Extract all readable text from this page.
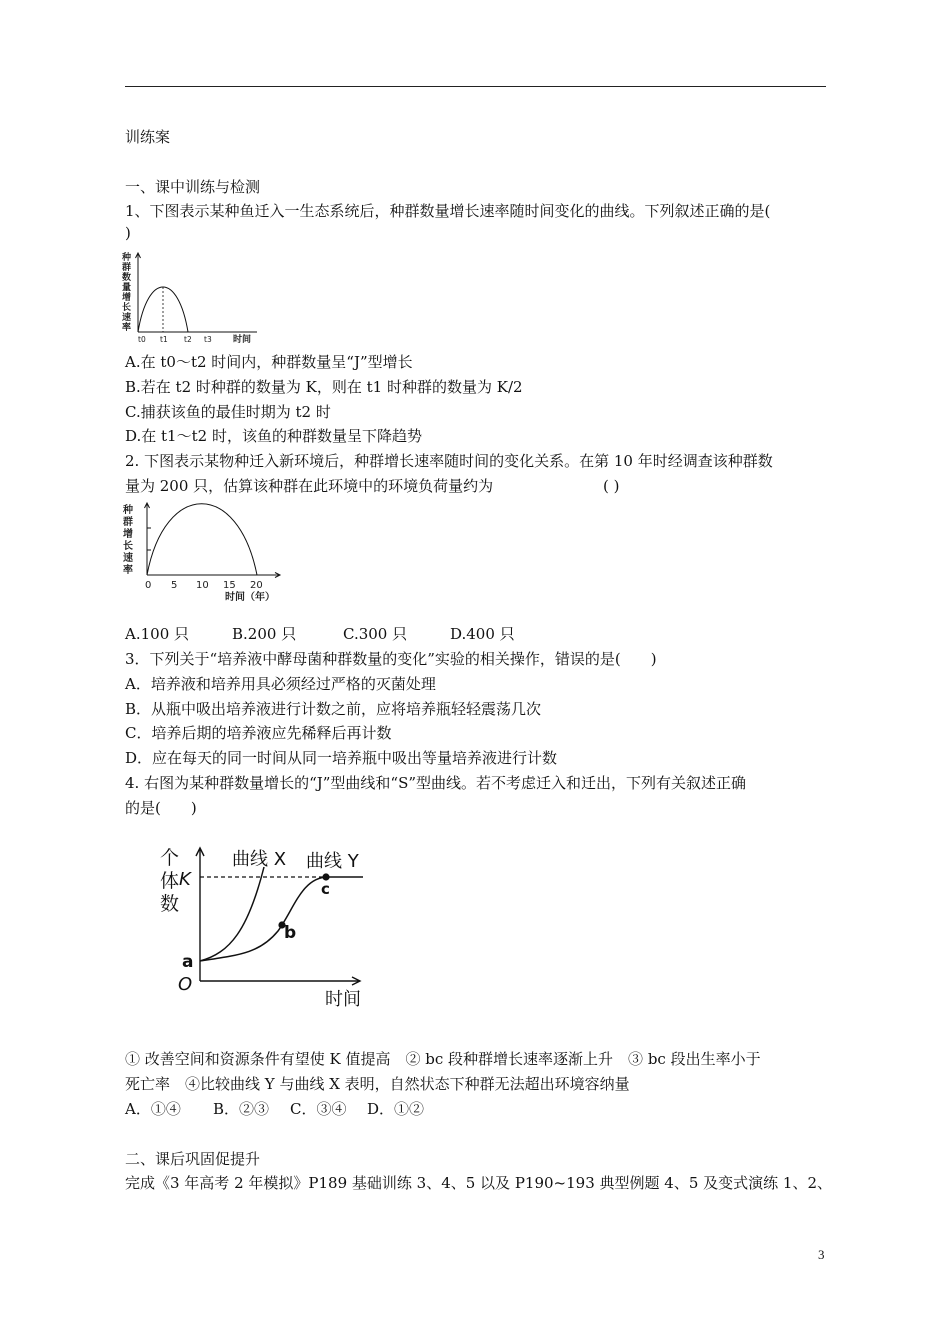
训练案
一、课中训练与检测
1、下图表示某种鱼迁入一生态系统后，种群数量增长速率随时间变化的曲线。下列叙述正确的是(
)
种
群
数
量
增
长
速
率
t0 t1 t2 t3 时间
A.在 t0～t2 时间内，种群数量呈“J”型增长
B.若在 t2 时种群的数量为 K，则在 t1 时种群的数量为 K/2
C.捕获该鱼的最佳时期为 t2 时
D.在 t1～t2 时，该鱼的种群数量呈下降趋势
2. 下图表示某物种迁入新环境后，种群增长速率随时间的变化关系。在第 10 年时经调查该种群数
量为 200 只，估算该种群在此环境中的环境负荷量约为	( )
种
群
增
长
速
率
0 5 10 15 20
时间（年）
A.100 只	B.200 只	C.300 只	D.400 只
3．下列关于“培养液中酵母菌种群数量的变化”实验的相关操作，错误的是(　　)
A．培养液和培养用具必须经过严格的灭菌处理
B．从瓶中吸出培养液进行计数之前，应将培养瓶轻轻震荡几次
C．培养后期的培养液应先稀释后再计数
D．应在每天的同一时间从同一培养瓶中吸出等量培养液进行计数
4. 右图为某种群数量增长的“J”型曲线和“S”型曲线。若不考虑迁入和迁出，下列有关叙述正确
的是(　　)
个
体
数
K
a
O
b
c
曲线 X 曲线 Y
时间
① 改善空间和资源条件有望使 K 值提高　② bc 段种群增长速率逐渐上升　③ bc 段出生率小于
死亡率　④比较曲线 Y 与曲线 X 表明，自然状态下种群无法超出环境容纳量
A．①④ B．②③ C．③④ D．①②
二、课后巩固促提升
完成《3 年高考 2 年模拟》P189 基础训练 3、4、5 以及 P190~193 典型例题 4、5 及变式演练 1、2、
3
